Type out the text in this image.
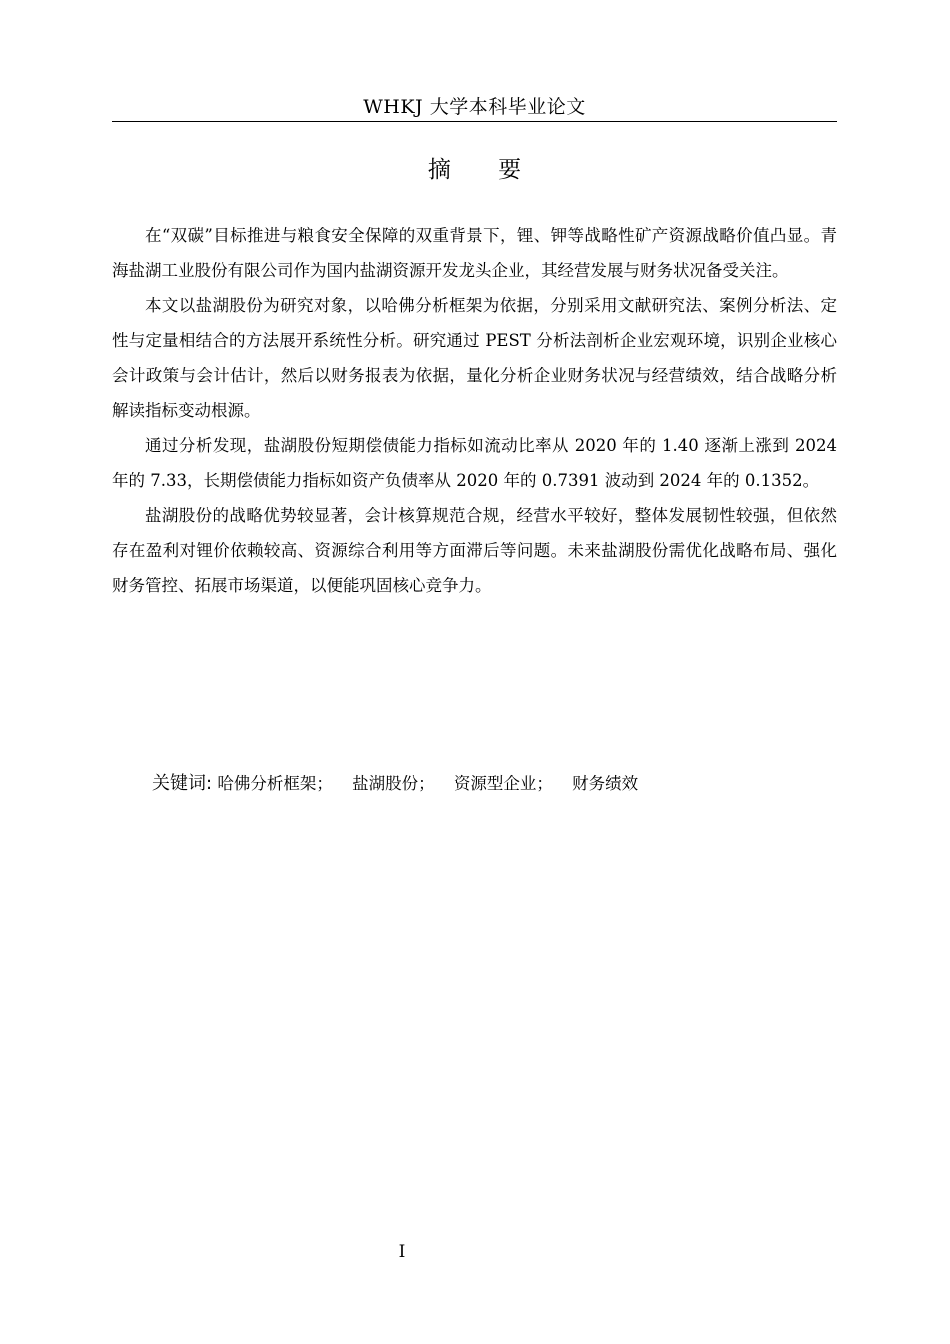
WHKJ 大学本科毕业论文
摘 要

在“双碳”目标推进与粮食安全保障的双重背景下，锂、钾等战略性矿产资源战略价值凸显。青海盐湖工业股份有限公司作为国内盐湖资源开发龙头企业，其经营发展与财务状况备受关注。

本文以盐湖股份为研究对象，以哈佛分析框架为依据，分别采用文献研究法、案例分析法、定性与定量相结合的方法展开系统性分析。研究通过 PEST 分析法剖析企业宏观环境，识别企业核心会计政策与会计估计，然后以财务报表为依据，量化分析企业财务状况与经营绩效，结合战略分析解读指标变动根源。

通过分析发现，盐湖股份短期偿债能力指标如流动比率从 2020 年的 1.40 逐渐上涨到 2024 年的 7.33，长期偿债能力指标如资产负债率从 2020 年的 0.7391 波动到 2024 年的 0.1352。

盐湖股份的战略优势较显著，会计核算规范合规，经营水平较好，整体发展韧性较强，但依然存在盈利对锂价依赖较高、资源综合利用等方面滞后等问题。未来盐湖股份需优化战略布局、强化财务管控、拓展市场渠道，以便能巩固核心竞争力。

关键词: 哈佛分析框架； 盐湖股份； 资源型企业； 财务绩效
I
